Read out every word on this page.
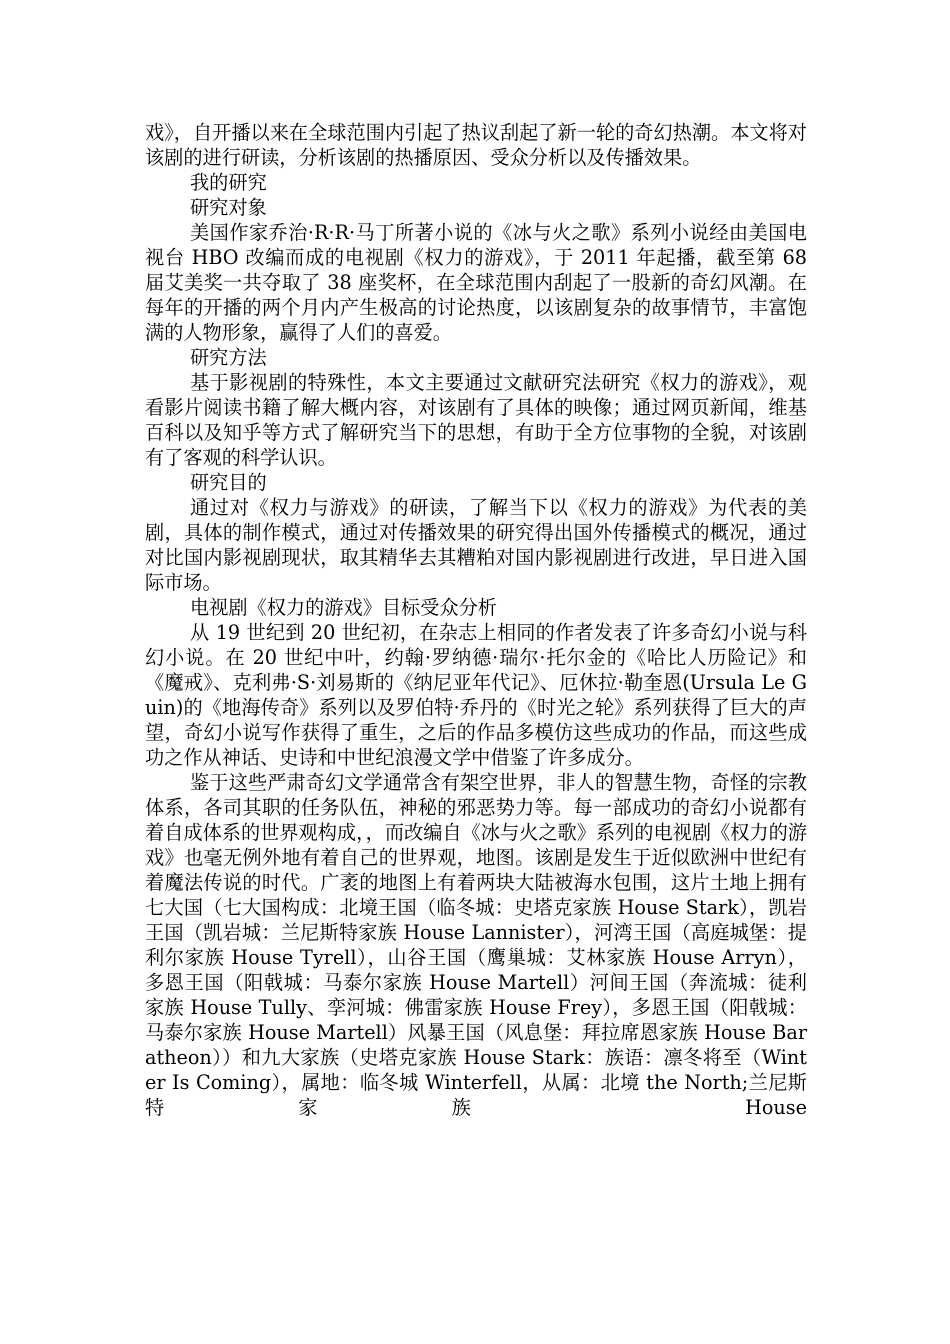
戏》，自开播以来在全球范围内引起了热议刮起了新一轮的奇幻热潮。本文将对该剧的进行研读，分析该剧的热播原因、受众分析以及传播效果。

我的研究

研究对象

美国作家乔治·R·R·马丁所著小说的《冰与火之歌》系列小说经由美国电视台 HBO 改编而成的电视剧《权力的游戏》，于 2011 年起播，截至第 68 届艾美奖一共夺取了 38 座奖杯，在全球范围内刮起了一股新的奇幻风潮。在每年的开播的两个月内产生极高的讨论热度，以该剧复杂的故事情节，丰富饱满的人物形象，赢得了人们的喜爱。

研究方法

基于影视剧的特殊性，本文主要通过文献研究法研究《权力的游戏》，观看影片阅读书籍了解大概内容，对该剧有了具体的映像；通过网页新闻，维基百科以及知乎等方式了解研究当下的思想，有助于全方位事物的全貌，对该剧有了客观的科学认识。

研究目的

通过对《权力与游戏》的研读，了解当下以《权力的游戏》为代表的美剧，具体的制作模式，通过对传播效果的研究得出国外传播模式的概况，通过对比国内影视剧现状，取其精华去其糟粕对国内影视剧进行改进，早日进入国际市场。

电视剧《权力的游戏》目标受众分析

从 19 世纪到 20 世纪初，在杂志上相同的作者发表了许多奇幻小说与科幻小说。在 20 世纪中叶，约翰·罗纳德·瑞尔·托尔金的《哈比人历险记》和《魔戒》、克利弗·S·刘易斯的《纳尼亚年代记》、厄休拉·勒奎恩(Ursula Le Guin)的《地海传奇》系列以及罗伯特·乔丹的《时光之轮》系列获得了巨大的声望，奇幻小说写作获得了重生，之后的作品多模仿这些成功的作品，而这些成功之作从神话、史诗和中世纪浪漫文学中借鉴了许多成分。

鉴于这些严肃奇幻文学通常含有架空世界，非人的智慧生物，奇怪的宗教体系，各司其职的任务队伍，神秘的邪恶势力等。每一部成功的奇幻小说都有着自成体系的世界观构成，，而改编自《冰与火之歌》系列的电视剧《权力的游戏》也毫无例外地有着自己的世界观，地图。该剧是发生于近似欧洲中世纪有着魔法传说的时代。广袤的地图上有着两块大陆被海水包围，这片土地上拥有七大国（七大国构成：北境王国（临冬城：史塔克家族 House Stark），凯岩王国（凯岩城：兰尼斯特家族 House Lannister），河湾王国（高庭城堡：提利尔家族 House Tyrell），山谷王国（鹰巢城：艾林家族 House Arryn），多恩王国（阳戟城：马泰尔家族 House Martell）河间王国（奔流城：徒利家族 House Tully、孪河城：佛雷家族 House Frey），多恩王国（阳戟城：马泰尔家族 House Martell）风暴王国（风息堡：拜拉席恩家族 House Baratheon））和九大家族（史塔克家族 House Stark：族语：凛冬将至（Winter Is Coming），属地：临冬城 Winterfell，从属：北境 the North;兰尼斯特家族 House
